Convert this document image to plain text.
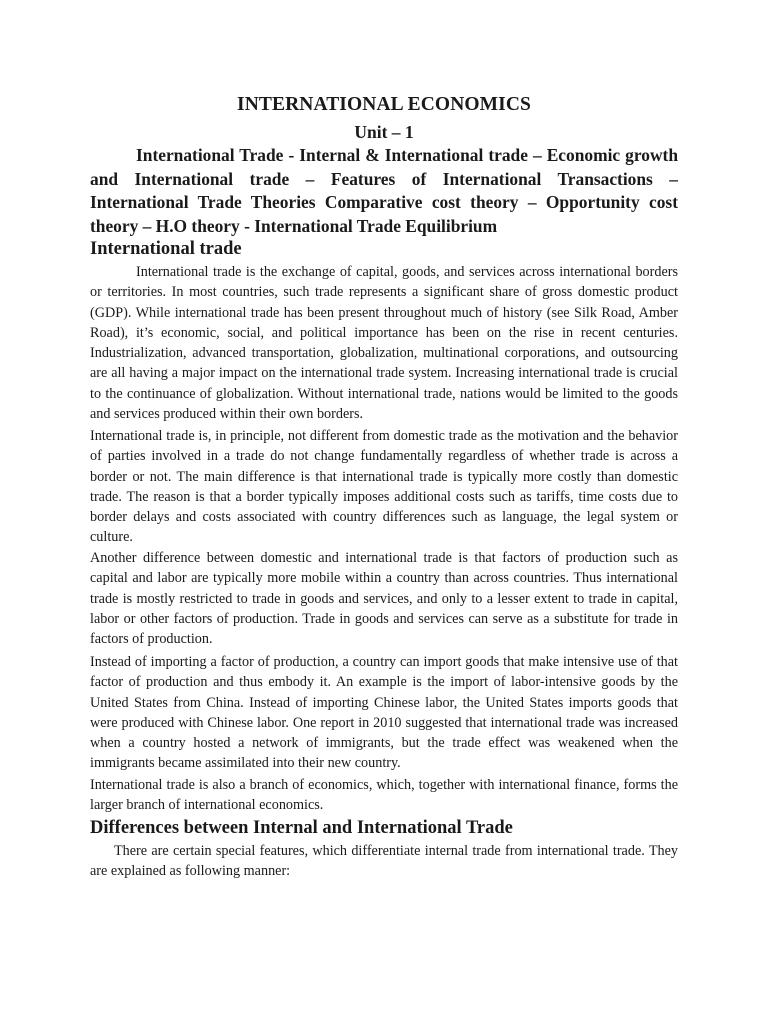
INTERNATIONAL ECONOMICS
Unit – 1

International Trade - Internal & International trade – Economic growth and International trade – Features of International Transactions – International Trade Theories Comparative cost theory – Opportunity cost theory – H.O theory - International Trade Equilibrium

International trade

International trade is the exchange of capital, goods, and services across international borders or territories. In most countries, such trade represents a significant share of gross domestic product (GDP). While international trade has been present throughout much of history (see Silk Road, Amber Road), it’s economic, social, and political importance has been on the rise in recent centuries. Industrialization, advanced transportation, globalization, multinational corporations, and outsourcing are all having a major impact on the international trade system. Increasing international trade is crucial to the continuance of globalization. Without international trade, nations would be limited to the goods and services produced within their own borders.

International trade is, in principle, not different from domestic trade as the motivation and the behavior of parties involved in a trade do not change fundamentally regardless of whether trade is across a border or not. The main difference is that international trade is typically more costly than domestic trade. The reason is that a border typically imposes additional costs such as tariffs, time costs due to border delays and costs associated with country differences such as language, the legal system or culture.

Another difference between domestic and international trade is that factors of production such as capital and labor are typically more mobile within a country than across countries. Thus international trade is mostly restricted to trade in goods and services, and only to a lesser extent to trade in capital, labor or other factors of production. Trade in goods and services can serve as a substitute for trade in factors of production.

Instead of importing a factor of production, a country can import goods that make intensive use of that factor of production and thus embody it. An example is the import of labor-intensive goods by the United States from China. Instead of importing Chinese labor, the United States imports goods that were produced with Chinese labor. One report in 2010 suggested that international trade was increased when a country hosted a network of immigrants, but the trade effect was weakened when the immigrants became assimilated into their new country.

International trade is also a branch of economics, which, together with international finance, forms the larger branch of international economics.

Differences between Internal and International Trade

There are certain special features, which differentiate internal trade from international trade. They are explained as following manner:
